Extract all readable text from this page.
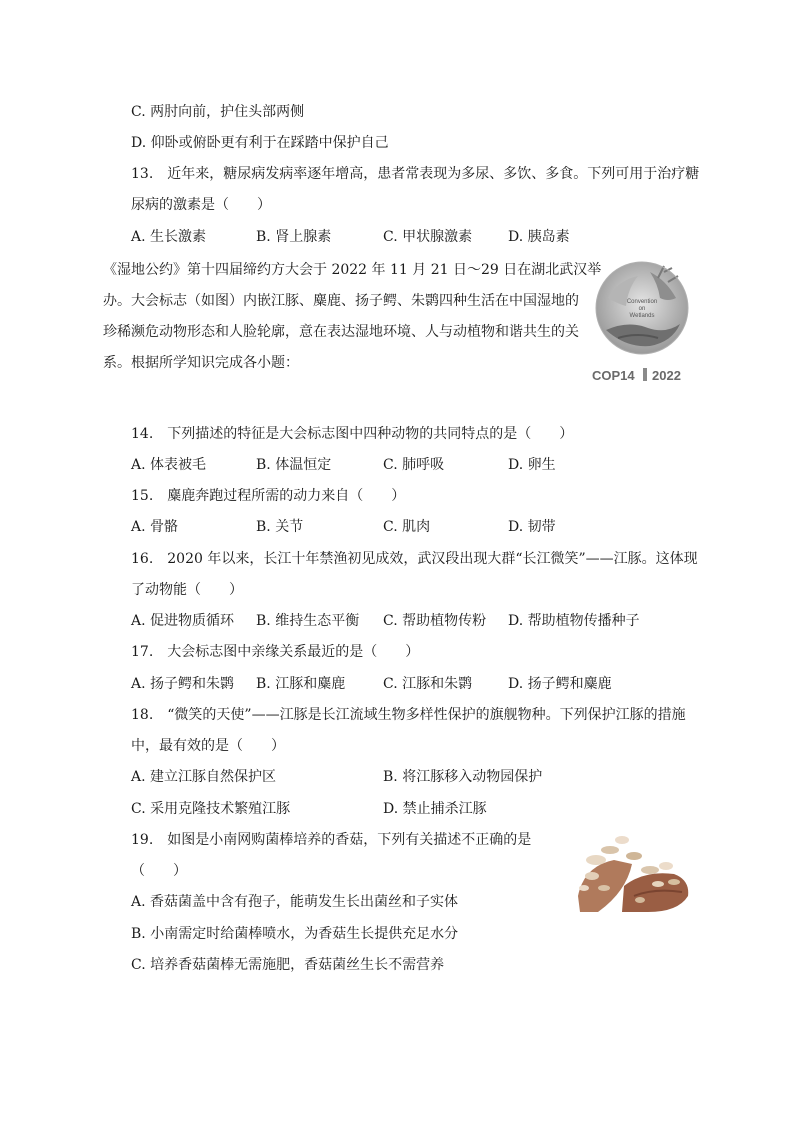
C. 两肘向前，护住头部两侧
D. 仰卧或俯卧更有利于在踩踏中保护自己
13.　近年来，糖尿病发病率逐年增高，患者常表现为多尿、多饮、多食。下列可用于治疗糖
尿病的激素是（　　）
A. 生长激素	B. 肾上腺素	C. 甲状腺激素	D. 胰岛素
《湿地公约》第十四届缔约方大会于 2022 年 11 月 21 日～29 日在湖北武汉举
办。大会标志（如图）内嵌江豚、麋鹿、扬子鳄、朱鹮四种生活在中国湿地的
珍稀濒危动物形态和人脸轮廓，意在表达湿地环境、人与动植物和谐共生的关
系。根据所学知识完成各小题：
Convention
on
Wetlands
COP14 2022
14.　下列描述的特征是大会标志图中四种动物的共同特点的是（　　）
A. 体表被毛	B. 体温恒定	C. 肺呼吸	D. 卵生
15.　麋鹿奔跑过程所需的动力来自（　　）
A. 骨骼	B. 关节	C. 肌肉	D. 韧带
16.　2020 年以来，长江十年禁渔初见成效，武汉段出现大群“长江微笑”——江豚。这体现
了动物能（　　）
A. 促进物质循环 B. 维持生态平衡 C. 帮助植物传粉 D. 帮助植物传播种子
17.　大会标志图中亲缘关系最近的是（　　）
A. 扬子鳄和朱鹮 B. 江豚和麋鹿	C. 江豚和朱鹮	D. 扬子鳄和麋鹿
18.　“微笑的天使”——江豚是长江流域生物多样性保护的旗舰物种。下列保护江豚的措施
中，最有效的是（　　）
A. 建立江豚自然保护区	B. 将江豚移入动物园保护
C. 采用克隆技术繁殖江豚	D. 禁止捕杀江豚
19.　如图是小南网购菌棒培养的香菇，下列有关描述不正确的是
（　　）
A. 香菇菌盖中含有孢子，能萌发生长出菌丝和子实体
B. 小南需定时给菌棒喷水，为香菇生长提供充足水分
C. 培养香菇菌棒无需施肥，香菇菌丝生长不需营养
